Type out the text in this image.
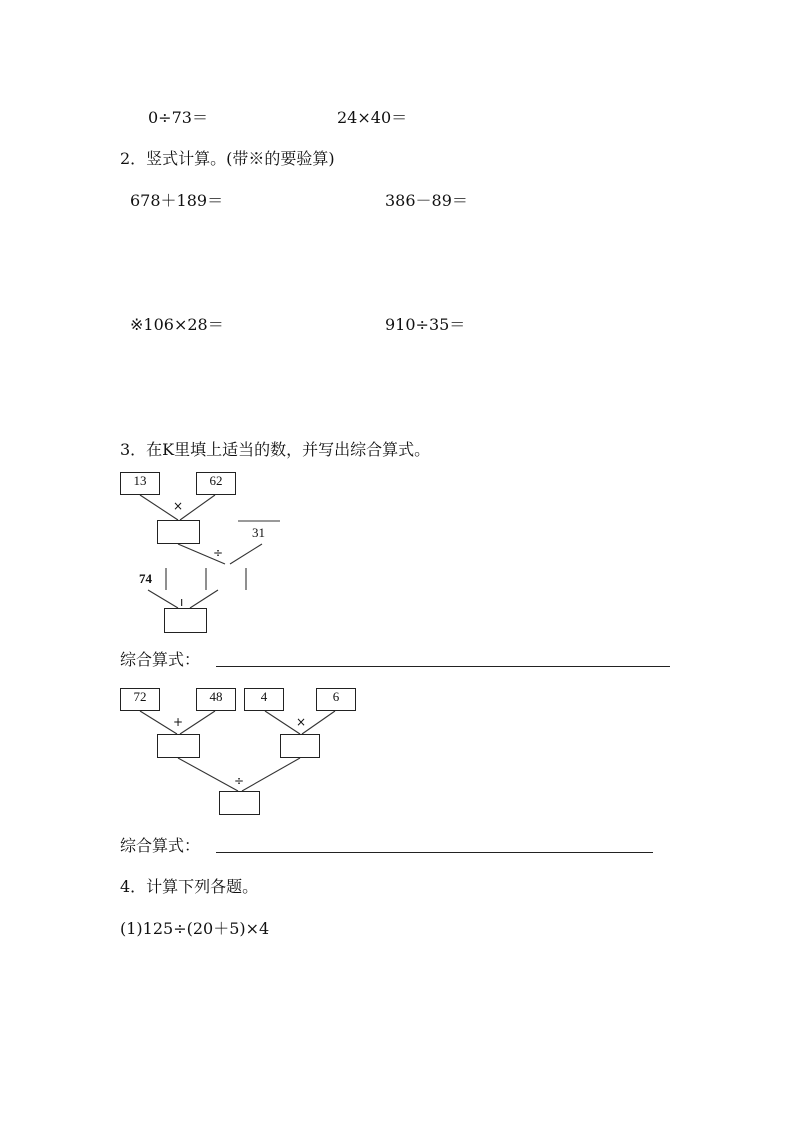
0÷73＝	24×40＝
2．竖式计算。(带※的要验算)
678＋189＝	386－89＝
※106×28＝	910÷35＝
3．在K里填上适当的数，并写出综合算式。
13	62
×
31
÷
74
ı
综合算式：
72	48
+
4	6
×
÷
综合算式：
4．计算下列各题。
(1)125÷(20＋5)×4
